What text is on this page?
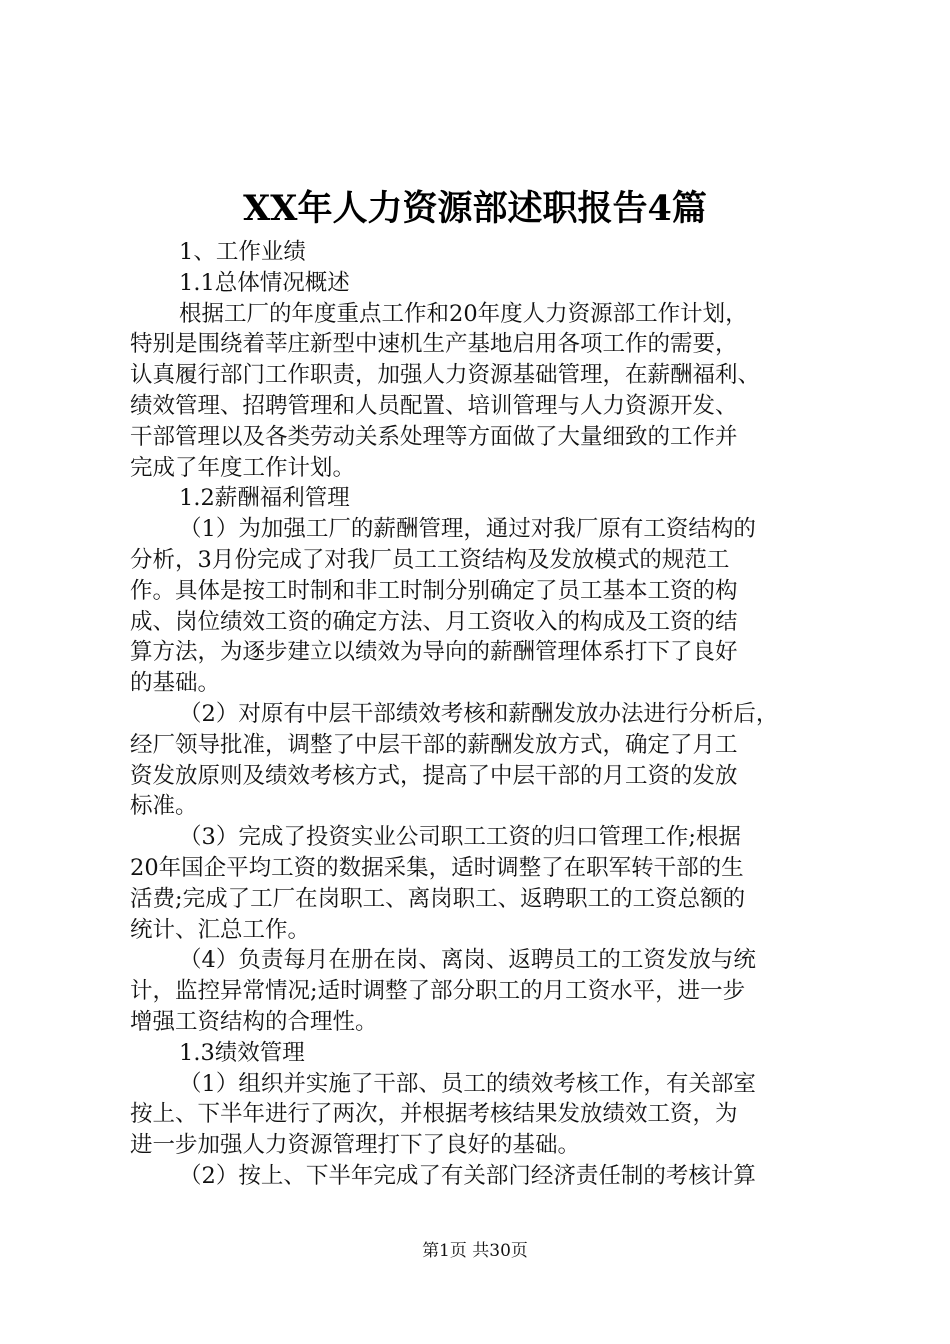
XX年人力资源部述职报告4篇
1、工作业绩
1.1总体情况概述
根据工厂的年度重点工作和20年度人力资源部工作计划，
特别是围绕着莘庄新型中速机生产基地启用各项工作的需要，
认真履行部门工作职责，加强人力资源基础管理，在薪酬福利、
绩效管理、招聘管理和人员配置、培训管理与人力资源开发、
干部管理以及各类劳动关系处理等方面做了大量细致的工作并
完成了年度工作计划。
1.2薪酬福利管理
（1）为加强工厂的薪酬管理，通过对我厂原有工资结构的
分析，3月份完成了对我厂员工工资结构及发放模式的规范工
作。具体是按工时制和非工时制分别确定了员工基本工资的构
成、岗位绩效工资的确定方法、月工资收入的构成及工资的结
算方法，为逐步建立以绩效为导向的薪酬管理体系打下了良好
的基础。
（2）对原有中层干部绩效考核和薪酬发放办法进行分析后，
经厂领导批准，调整了中层干部的薪酬发放方式，确定了月工
资发放原则及绩效考核方式，提高了中层干部的月工资的发放
标准。
（3）完成了投资实业公司职工工资的归口管理工作;根据
20年国企平均工资的数据采集，适时调整了在职军转干部的生
活费;完成了工厂在岗职工、离岗职工、返聘职工的工资总额的
统计、汇总工作。
（4）负责每月在册在岗、离岗、返聘员工的工资发放与统
计，监控异常情况;适时调整了部分职工的月工资水平，进一步
增强工资结构的合理性。
1.3绩效管理
（1）组织并实施了干部、员工的绩效考核工作，有关部室
按上、下半年进行了两次，并根据考核结果发放绩效工资，为
进一步加强人力资源管理打下了良好的基础。
（2）按上、下半年完成了有关部门经济责任制的考核计算
第1页 共30页
